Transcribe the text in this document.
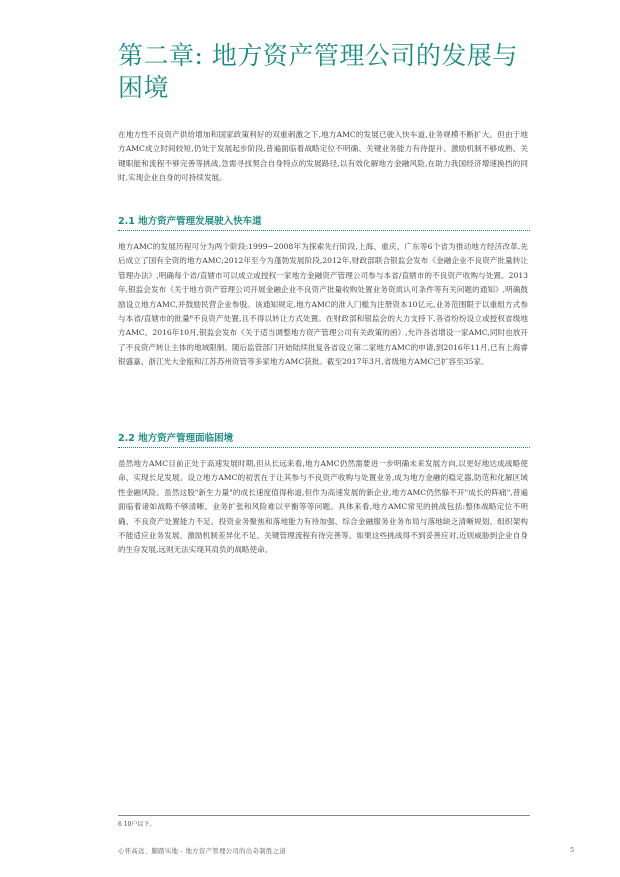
第二章: 地方资产管理公司的发展与困境

在地方性不良资产供给增加和国家政策利好的双重刺激之下,地方AMC的发展已驶入快车道,业务规模不断扩大。但由于地方AMC成立时间较短,仍处于发展起步阶段,普遍面临着战略定位不明确、关键业务能力有待提升、激励机制不够成熟、关键职能和流程不够完善等挑战,急需寻找契合自身特点的发展路径,以有效化解地方金融风险,在助力我国经济增速换挡的同时,实现企业自身的可持续发展。

2.1 地方资产管理发展驶入快车道

地方AMC的发展历程可分为两个阶段:1999~2008年为探索先行阶段,上海、重庆、广东等6个省为推动地方经济改革,先后成立了国有全资的地方AMC;2012年至今为蓬勃发展阶段,2012年,财政部联合银监会发布《金融企业不良资产批量转让管理办法》,明确每个省/直辖市可以成立或授权一家地方金融资产管理公司参与本省/直辖市的不良资产收购与处置。2013年,银监会发布《关于地方资产管理公司开展金融企业不良资产批量收购处置业务资质认可条件等有关问题的通知》,明确鼓励设立地方AMC,并鼓励民营企业参股。该通知规定,地方AMC的准入门槛为注册资本10亿元,业务范围限于以重组方式参与本省/直辖市的批量⁶不良资产处置,且不得以转让方式处置。在财政部和银监会的大力支持下,各省纷纷设立或授权省级地方AMC。2016年10月,银监会发布《关于适当调整地方资产管理公司有关政策的函》,允许各省增设一家AMC,同时也放开了不良资产转让主体的地域限制。随后监管部门开始陆续批复各省设立第二家地方AMC的申请,到2016年11月,已有上海睿银盛嘉、浙江光大金瓯和江苏苏州资管等多家地方AMC获批。截至2017年3月,省级地方AMC已扩容至35家。

2.2 地方资产管理面临困境

虽然地方AMC目前正处于高速发展时期,但从长远来看,地方AMC仍然需要进一步明确未来发展方向,以更好地达成战略使命、实现长足发展。设立地方AMC的初衷在于让其参与不良资产收购与处置业务,成为地方金融的稳定器,防范和化解区域性金融风险。虽然这股"新生力量"的成长速度值得称道,但作为高速发展的新企业,地方AMC仍然躲不开"成长的阵痛",普遍面临着诸如战略不够清晰、业务扩张和风险难以平衡等等问题。具体来看,地方AMC常见的挑战包括:整体战略定位不明确、不良资产处置能力不足、投资业务聚焦和落地能力有待加强、综合金融服务业务布局与落地缺乏清晰规划、组织架构不能适应业务发展、激励机制差异化不足、关键管理流程有待完善等。如果这些挑战得不到妥善应对,近则威胁到企业自身的生存发展,远则无法实现其肩负的战略使命。

6 10户以下。
心怀高远、脚踏实地 - 地方资产管理公司的出奇制胜之道	5
